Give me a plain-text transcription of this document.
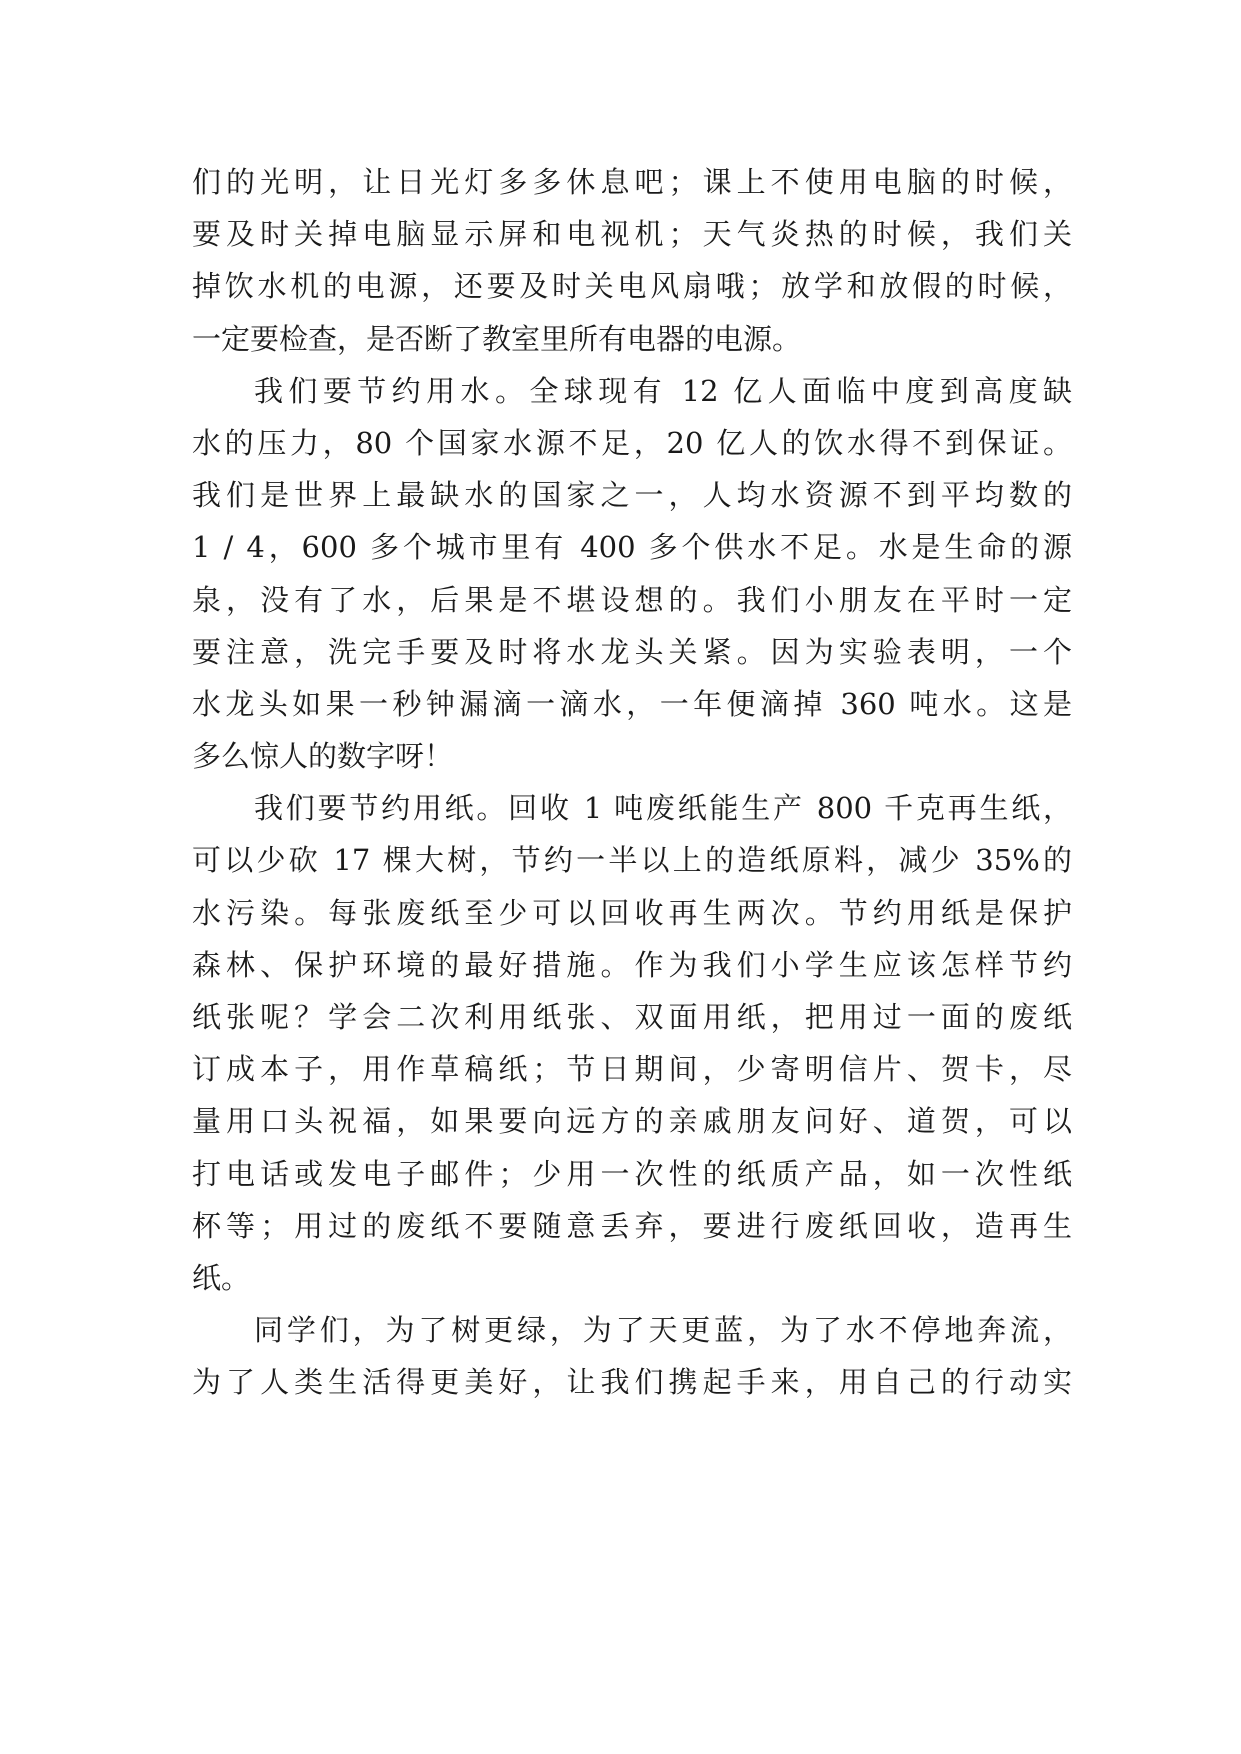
们的光明，让日光灯多多休息吧；课上不使用电脑的时候，
要及时关掉电脑显示屏和电视机；天气炎热的时候，我们关
掉饮水机的电源，还要及时关电风扇哦；放学和放假的时候，
一定要检查，是否断了教室里所有电器的电源。
我们要节约用水。全球现有 12 亿人面临中度到高度缺
水的压力，80 个国家水源不足，20 亿人的饮水得不到保证。
我们是世界上最缺水的国家之一，人均水资源不到平均数的
1 / 4，600 多个城市里有 400 多个供水不足。水是生命的源
泉，没有了水，后果是不堪设想的。我们小朋友在平时一定
要注意，洗完手要及时将水龙头关紧。因为实验表明，一个
水龙头如果一秒钟漏滴一滴水，一年便滴掉 360 吨水。这是
多么惊人的数字呀！
我们要节约用纸。回收 1 吨废纸能生产 800 千克再生纸，
可以少砍 17 棵大树，节约一半以上的造纸原料，减少 35%的
水污染。每张废纸至少可以回收再生两次。节约用纸是保护
森林、保护环境的最好措施。作为我们小学生应该怎样节约
纸张呢？学会二次利用纸张、双面用纸，把用过一面的废纸
订成本子，用作草稿纸；节日期间，少寄明信片、贺卡，尽
量用口头祝福，如果要向远方的亲戚朋友问好、道贺，可以
打电话或发电子邮件；少用一次性的纸质产品，如一次性纸
杯等；用过的废纸不要随意丢弃，要进行废纸回收，造再生
纸。
同学们，为了树更绿，为了天更蓝，为了水不停地奔流，
为了人类生活得更美好，让我们携起手来，用自己的行动实
